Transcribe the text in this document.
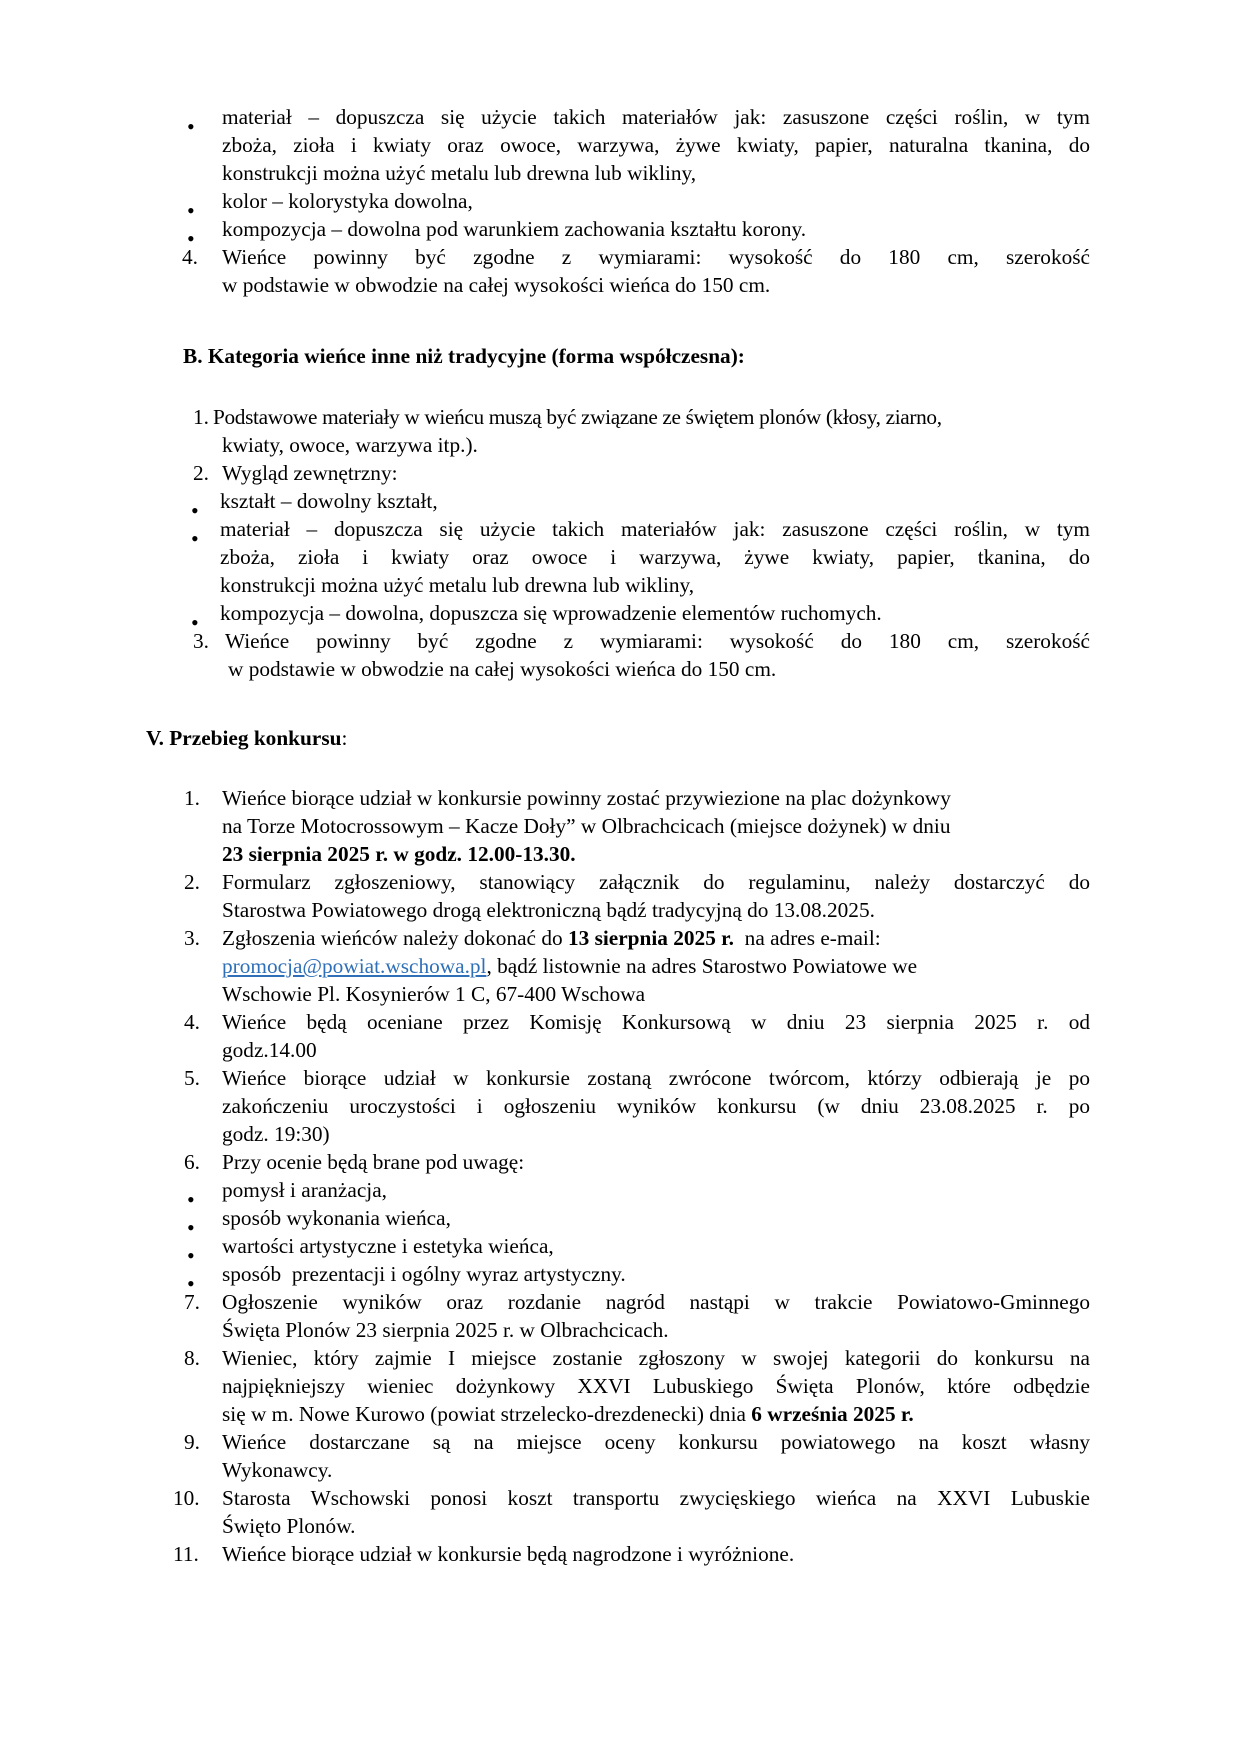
•
materiał – dopuszcza się użycie takich materiałów jak: zasuszone części roślin, w tym
zboża, zioła i kwiaty oraz owoce, warzywa, żywe kwiaty, papier, naturalna tkanina, do
konstrukcji można użyć metalu lub drewna lub wikliny,
•
kolor – kolorystyka dowolna,
•
kompozycja – dowolna pod warunkiem zachowania kształtu korony.
4. Wieńce powinny być zgodne z wymiarami: wysokość do 180 cm, szerokość
w podstawie w obwodzie na całej wysokości wieńca do 150 cm.
B. Kategoria wieńce inne niż tradycyjne (forma współczesna):
1. Podstawowe materiały w wieńcu muszą być związane ze świętem plonów (kłosy, ziarno,
kwiaty, owoce, warzywa itp.).
2. Wygląd zewnętrzny:
•
kształt – dowolny kształt,
•
materiał – dopuszcza się użycie takich materiałów jak: zasuszone części roślin, w tym
zboża, zioła i kwiaty oraz owoce i warzywa, żywe kwiaty, papier, tkanina, do
konstrukcji można użyć metalu lub drewna lub wikliny,
•
kompozycja – dowolna, dopuszcza się wprowadzenie elementów ruchomych.
3. Wieńce powinny być zgodne z wymiarami: wysokość do 180 cm, szerokość
w podstawie w obwodzie na całej wysokości wieńca do 150 cm.
V. Przebieg konkursu:
1. Wieńce biorące udział w konkursie powinny zostać przywiezione na plac dożynkowy
na Torze Motocrossowym – Kacze Doły” w Olbrachcicach (miejsce dożynek) w dniu
23 sierpnia 2025 r. w godz. 12.00-13.30.
2. Formularz zgłoszeniowy, stanowiący załącznik do regulaminu, należy dostarczyć do
Starostwa Powiatowego drogą elektroniczną bądź tradycyjną do 13.08.2025.
3. Zgłoszenia wieńców należy dokonać do 13 sierpnia 2025 r.  na adres e-mail:
promocja@powiat.wschowa.pl, bądź listownie na adres Starostwo Powiatowe we
Wschowie Pl. Kosynierów 1 C, 67-400 Wschowa
4. Wieńce będą oceniane przez Komisję Konkursową w dniu 23 sierpnia 2025 r. od
godz.14.00
5. Wieńce biorące udział w konkursie zostaną zwrócone twórcom, którzy odbierają je po
zakończeniu uroczystości i ogłoszeniu wyników konkursu (w dniu 23.08.2025 r. po
godz. 19:30)
6. Przy ocenie będą brane pod uwagę:
•
pomysł i aranżacja,
•
sposób wykonania wieńca,
•
wartości artystyczne i estetyka wieńca,
•
sposób  prezentacji i ogólny wyraz artystyczny.
7. Ogłoszenie wyników oraz rozdanie nagród nastąpi w trakcie Powiatowo-Gminnego
Święta Plonów 23 sierpnia 2025 r. w Olbrachcicach.
8. Wieniec, który zajmie I miejsce zostanie zgłoszony w swojej kategorii do konkursu na
najpiękniejszy wieniec dożynkowy XXVI Lubuskiego Święta Plonów, które odbędzie
się w m. Nowe Kurowo (powiat strzelecko-drezdenecki) dnia 6 września 2025 r.
9. Wieńce dostarczane są na miejsce oceny konkursu powiatowego na koszt własny
Wykonawcy.
10. Starosta Wschowski ponosi koszt transportu zwycięskiego wieńca na XXVI Lubuskie
Święto Plonów.
11. Wieńce biorące udział w konkursie będą nagrodzone i wyróżnione.
